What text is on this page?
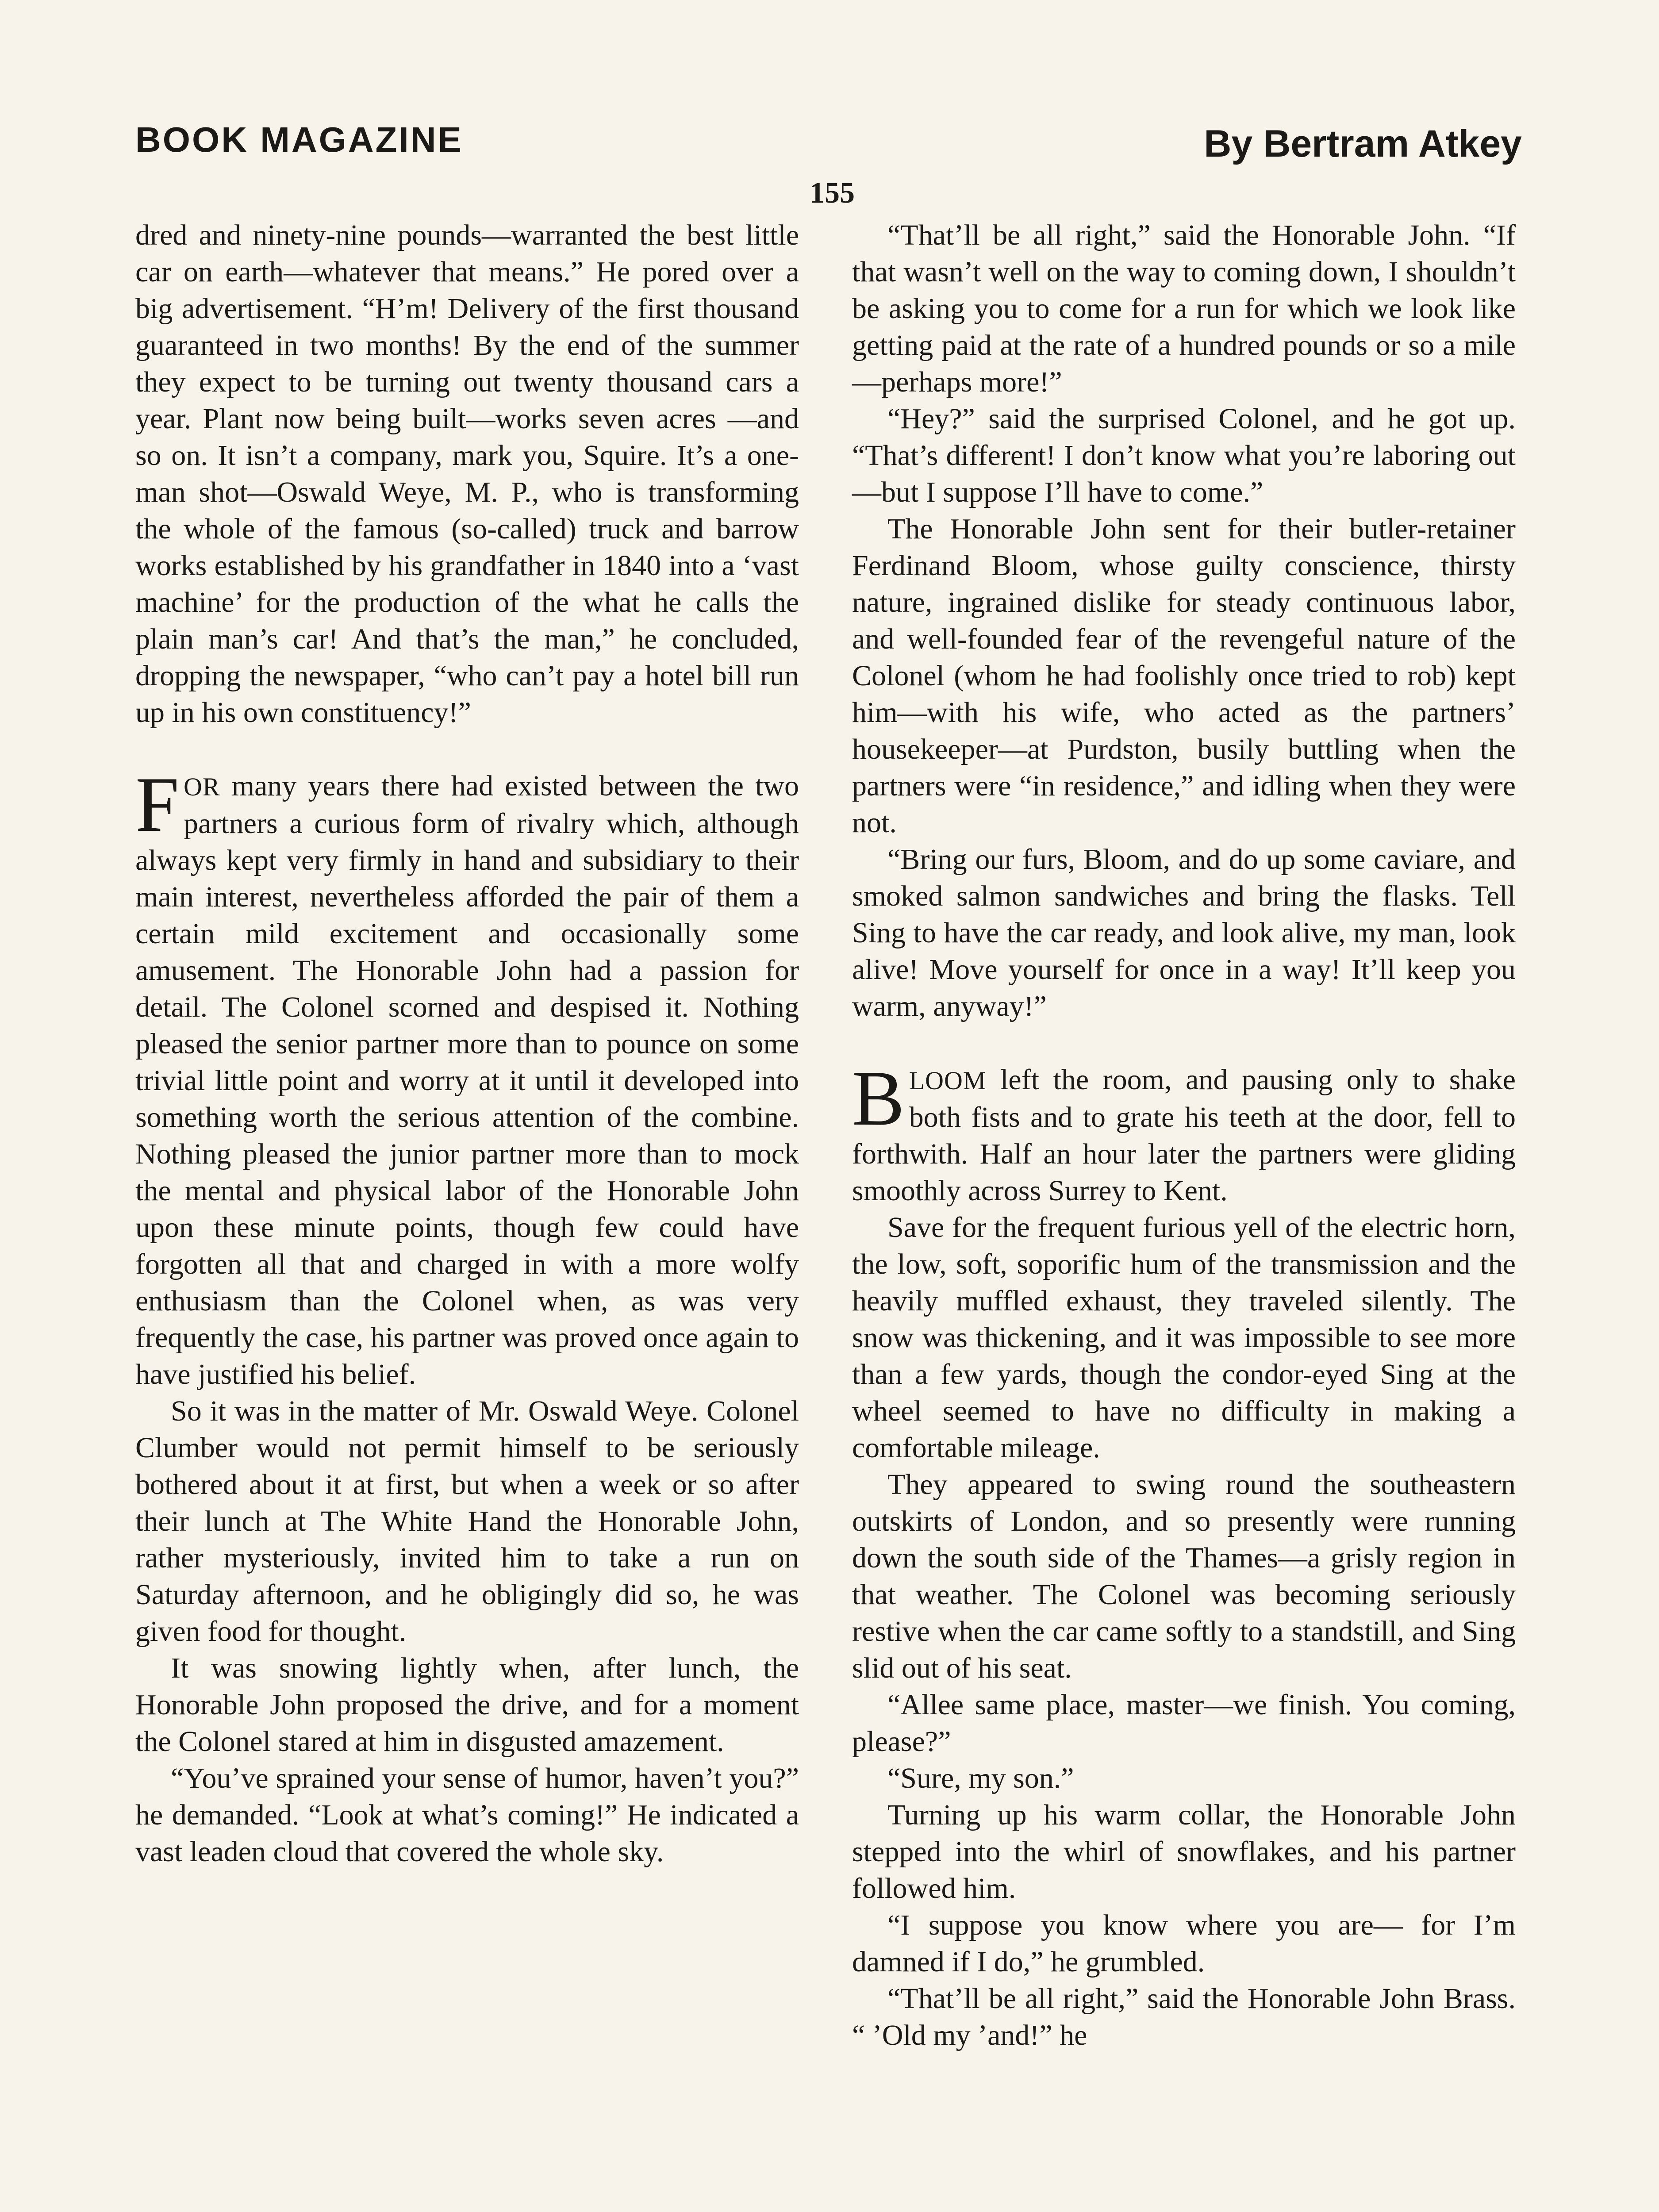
BOOK MAGAZINE	By Bertram Atkey
155

dred and ninety-nine pounds—warranted the best little car on earth—whatever that means.” He pored over a big advertisement. “H’m! Delivery of the first thousand guaranteed in two months! By the end of the summer they expect to be turning out twenty thousand cars a year. Plant now being built—works seven acres —and so on. It isn’t a company, mark you, Squire. It’s a one-man shot—Oswald Weye, M. P., who is transforming the whole of the famous (so-called) truck and barrow works established by his grandfather in 1840 into a ‘vast machine’ for the production of the what he calls the plain man’s car! And that’s the man,” he concluded, dropping the newspaper, “who can’t pay a hotel bill run up in his own constituency!”

FOR many years there had existed between the two partners a curious form of rivalry which, although always kept very firmly in hand and subsidiary to their main interest, nevertheless afforded the pair of them a certain mild excitement and occasionally some amusement. The Honorable John had a passion for detail. The Colonel scorned and despised it. Nothing pleased the senior partner more than to pounce on some trivial little point and worry at it until it developed into something worth the serious attention of the combine. Nothing pleased the junior partner more than to mock the mental and physical labor of the Honorable John upon these minute points, though few could have forgotten all that and charged in with a more wolfy enthusiasm than the Colonel when, as was very frequently the case, his partner was proved once again to have justified his belief.

So it was in the matter of Mr. Oswald Weye. Colonel Clumber would not permit himself to be seriously bothered about it at first, but when a week or so after their lunch at The White Hand the Honorable John, rather mysteriously, invited him to take a run on Saturday afternoon, and he obligingly did so, he was given food for thought.

It was snowing lightly when, after lunch, the Honorable John proposed the drive, and for a moment the Colonel stared at him in disgusted amazement.

“You’ve sprained your sense of humor, haven’t you?” he demanded. “Look at what’s coming!” He indicated a vast leaden cloud that covered the whole sky.

“That’ll be all right,” said the Honorable John. “If that wasn’t well on the way to coming down, I shouldn’t be asking you to come for a run for which we look like getting paid at the rate of a hundred pounds or so a mile—perhaps more!”

“Hey?” said the surprised Colonel, and he got up. “That’s different! I don’t know what you’re laboring out—but I suppose I’ll have to come.”

The Honorable John sent for their butler-retainer Ferdinand Bloom, whose guilty conscience, thirsty nature, ingrained dislike for steady continuous labor, and well-founded fear of the revengeful nature of the Colonel (whom he had foolishly once tried to rob) kept him—with his wife, who acted as the partners’ housekeeper—at Purdston, busily buttling when the partners were “in residence,” and idling when they were not.

“Bring our furs, Bloom, and do up some caviare, and smoked salmon sandwiches and bring the flasks. Tell Sing to have the car ready, and look alive, my man, look alive! Move yourself for once in a way! It’ll keep you warm, anyway!”

BLOOM left the room, and pausing only to shake both fists and to grate his teeth at the door, fell to forthwith. Half an hour later the partners were gliding smoothly across Surrey to Kent.

Save for the frequent furious yell of the electric horn, the low, soft, soporific hum of the transmission and the heavily muffled exhaust, they traveled silently. The snow was thickening, and it was impossible to see more than a few yards, though the condor-eyed Sing at the wheel seemed to have no difficulty in making a comfortable mileage.

They appeared to swing round the southeastern outskirts of London, and so presently were running down the south side of the Thames—a grisly region in that weather. The Colonel was becoming seriously restive when the car came softly to a standstill, and Sing slid out of his seat.

“Allee same place, master—we finish. You coming, please?”

“Sure, my son.”

Turning up his warm collar, the Honorable John stepped into the whirl of snowflakes, and his partner followed him.

“I suppose you know where you are— for I’m damned if I do,” he grumbled.

“That’ll be all right,” said the Honorable John Brass. “ ’Old my ’and!” he
